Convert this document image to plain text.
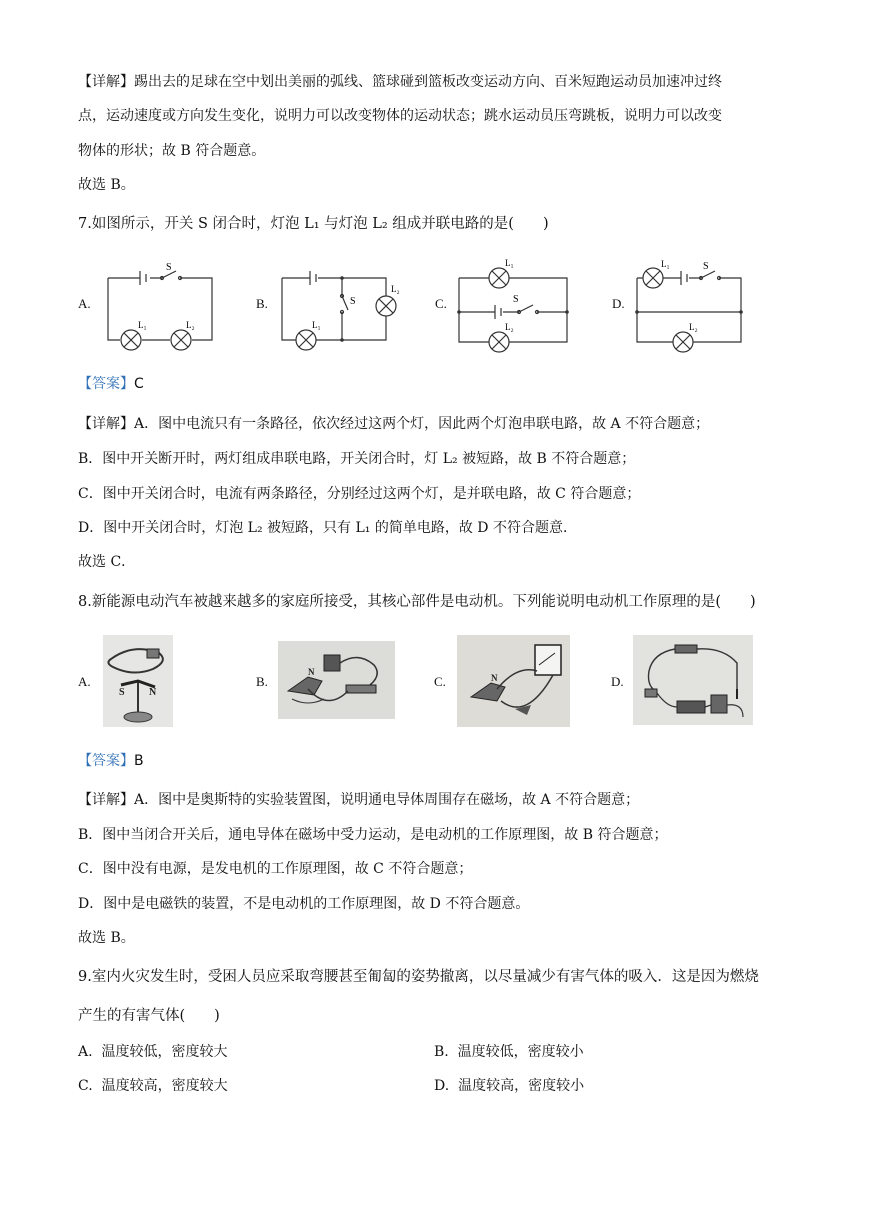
【详解】踢出去的足球在空中划出美丽的弧线、篮球碰到篮板改变运动方向、百米短跑运动员加速冲过终
点，运动速度或方向发生变化，说明力可以改变物体的运动状态；跳水运动员压弯跳板，说明力可以改变
物体的形状；故 B 符合题意。
故选 B。
7.如图所示，开关 S 闭合时，灯泡 L₁ 与灯泡 L₂ 组成并联电路的是(　　)
A.	B.	C.	D.
S
L₁	L₂
S
L₁
L₂
S
L₁
L₂
S
L₁
L₂
【答案】C
【详解】A．图中电流只有一条路径，依次经过这两个灯，因此两个灯泡串联电路，故 A 不符合题意；
B．图中开关断开时，两灯组成串联电路，开关闭合时，灯 L₂ 被短路，故 B 不符合题意；
C．图中开关闭合时，电流有两条路径，分别经过这两个灯，是并联电路，故 C 符合题意；
D．图中开关闭合时，灯泡 L₂ 被短路，只有 L₁ 的简单电路，故 D 不符合题意．
故选 C．
8.新能源电动汽车被越来越多的家庭所接受，其核心部件是电动机。下列能说明电动机工作原理的是(　　)
A.	B.	C.	D.
S N
N
N
【答案】B
【详解】A．图中是奥斯特的实验装置图，说明通电导体周围存在磁场，故 A 不符合题意；
B．图中当闭合开关后，通电导体在磁场中受力运动，是电动机的工作原理图，故 B 符合题意；
C．图中没有电源，是发电机的工作原理图，故 C 不符合题意；
D．图中是电磁铁的装置，不是电动机的工作原理图，故 D 不符合题意。
故选 B。
9.室内火灾发生时，受困人员应采取弯腰甚至匍匐的姿势撤离，以尽量减少有害气体的吸入．这是因为燃烧
产生的有害气体(　　)
A. 温度较低，密度较大	B. 温度较低，密度较小
C. 温度较高，密度较大	D. 温度较高，密度较小
